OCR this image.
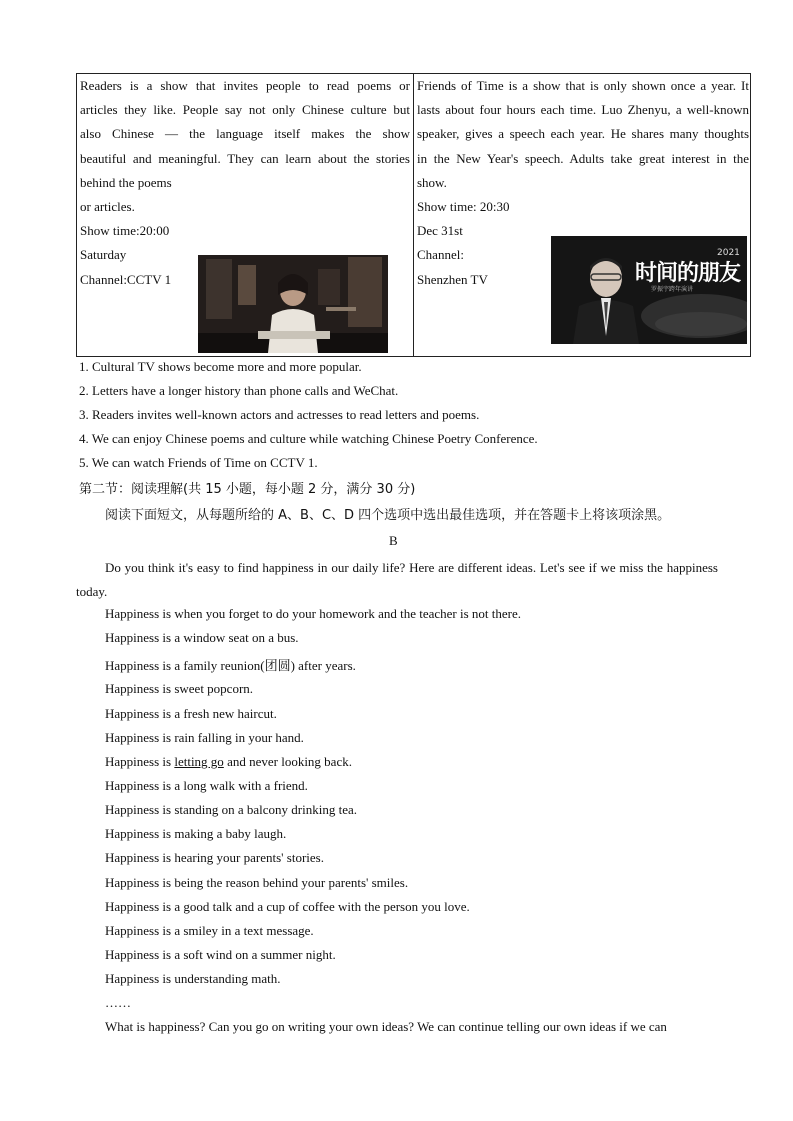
Readers is a show that invites people to read poems or
articles they like. People say not only Chinese culture but
also Chinese — the language itself makes the show
beautiful and meaningful. They can learn about the stories
behind the poems
or articles.
Show time:20:00
Saturday
Channel:CCTV 1
Friends of Time is a show that is only shown once a year. It
lasts about four hours each time. Luo Zhenyu, a well-known
speaker, gives a speech each year. He shares many thoughts
in the New Year's speech. Adults take great interest in the
show.
Show time: 20:30
Dec 31st
Channel:
Shenzhen TV	时间的朋友
2021
罗振宇跨年演讲
1. Cultural TV shows become more and more popular.
2. Letters have a longer history than phone calls and WeChat.
3. Readers invites well-known actors and actresses to read letters and poems.
4. We can enjoy Chinese poems and culture while watching Chinese Poetry Conference.
5. We can watch Friends of Time on CCTV 1.
第二节：阅读理解(共 15 小题，每小题 2 分，满分 30 分)
阅读下面短文，从每题所给的 A、B、C、D 四个选项中选出最佳选项，并在答题卡上将该项涂黑。
B
Do you think it's easy to find happiness in our daily life? Here are different ideas. Let's see if we miss the happiness today.
Happiness is when you forget to do your homework and the teacher is not there.
Happiness is a window seat on a bus.
Happiness is a family reunion(团圆) after years.
Happiness is sweet popcorn.
Happiness is a fresh new haircut.
Happiness is rain falling in your hand.
Happiness is letting go and never looking back.
Happiness is a long walk with a friend.
Happiness is standing on a balcony drinking tea.
Happiness is making a baby laugh.
Happiness is hearing your parents' stories.
Happiness is being the reason behind your parents' smiles.
Happiness is a good talk and a cup of coffee with the person you love.
Happiness is a smiley in a text message.
Happiness is a soft wind on a summer night.
Happiness is understanding math.
……
What is happiness? Can you go on writing your own ideas? We can continue telling our own ideas if we can
